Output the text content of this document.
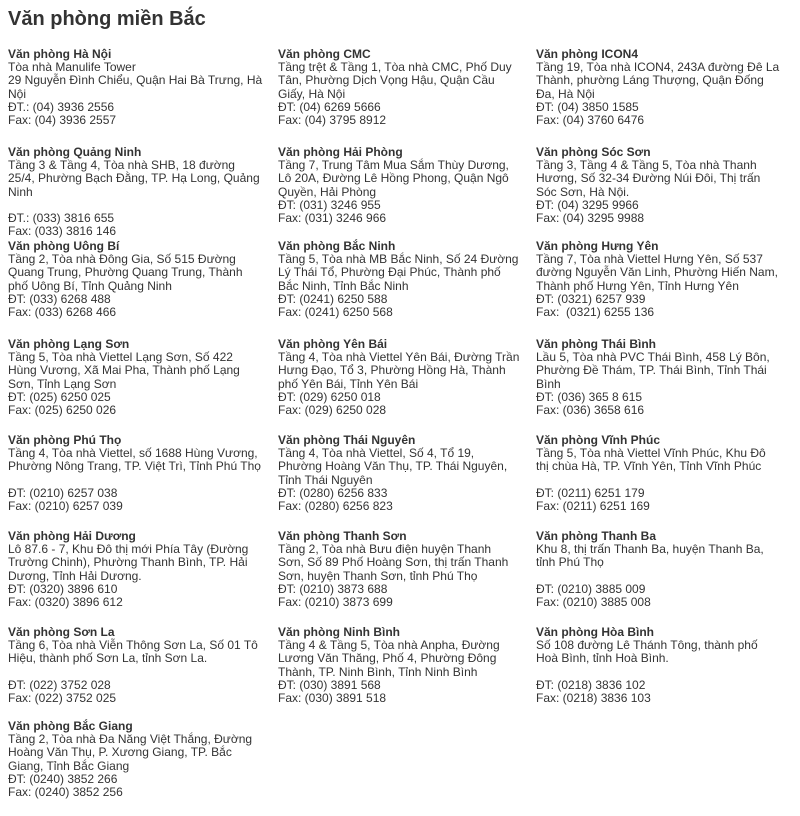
Văn phòng miền Bắc
Văn phòng Hà Nội
Tòa nhà Manulife Tower
29 Nguyễn Đình Chiểu, Quận Hai Bà Trưng, Hà Nội
ĐT.: (04) 3936 2556
Fax: (04) 3936 2557
Văn phòng CMC
Tầng trệt & Tầng 1, Tòa nhà CMC, Phố Duy Tân, Phường Dịch Vọng Hậu, Quận Cầu Giấy, Hà Nội
ĐT: (04) 6269 5666
Fax: (04) 3795 8912
Văn phòng ICON4
Tầng 19, Tòa nhà ICON4, 243A đường Đê La Thành, phường Láng Thượng, Quận Đống Đa, Hà Nội
ĐT: (04) 3850 1585
Fax: (04) 3760 6476
Văn phòng Quảng Ninh
Tầng 3 & Tầng 4, Tòa nhà SHB, 18 đường 25/4, Phường Bạch Đằng, TP. Hạ Long, Quảng Ninh

ĐT.: (033) 3816 655
Fax: (033) 3816 146
Văn phòng Hải Phòng
Tầng 7, Trung Tâm Mua Sắm Thùy Dương, Lô 20A, Đường Lê Hồng Phong, Quận Ngô Quyền, Hải Phòng
ĐT: (031) 3246 955
Fax: (031) 3246 966
Văn phòng Sóc Sơn
Tầng 3, Tầng 4 & Tầng 5, Tòa nhà Thanh Hương, Số 32-34 Đường Núi Đôi, Thị trấn Sóc Sơn, Hà Nội.
ĐT: (04) 3295 9966
Fax: (04) 3295 9988
Văn phòng Uông Bí
Tầng 2, Tòa nhà Đông Gia, Số 515 Đường Quang Trung, Phường Quang Trung, Thành phố Uông Bí, Tỉnh Quảng Ninh
ĐT: (033) 6268 488
Fax: (033) 6268 466
Văn phòng Bắc Ninh
Tầng 5, Tòa nhà MB Bắc Ninh, Số 24 Đường Lý Thái Tổ, Phường Đại Phúc, Thành phố Bắc Ninh, Tỉnh Bắc Ninh
ĐT: (0241) 6250 588
Fax: (0241) 6250 568
Văn phòng Hưng Yên
Tầng 7, Tòa nhà Viettel Hưng Yên, Số 537 đường Nguyễn Văn Linh, Phường Hiến Nam, Thành phố Hưng Yên, Tỉnh Hưng Yên
ĐT: (0321) 6257 939
Fax:  (0321) 6255 136
Văn phòng Lạng Sơn
Tầng 5, Tòa nhà Viettel Lạng Sơn, Số 422 Hùng Vương, Xã Mai Pha, Thành phố Lạng Sơn, Tỉnh Lạng Sơn
ĐT: (025) 6250 025
Fax: (025) 6250 026
Văn phòng Yên Bái
Tầng 4, Tòa nhà Viettel Yên Bái, Đường Trần Hưng Đạo, Tổ 3, Phường Hồng Hà, Thành phố Yên Bái, Tỉnh Yên Bái
ĐT: (029) 6250 018
Fax: (029) 6250 028
Văn phòng Thái Bình
Lầu 5, Tòa nhà PVC Thái Bình, 458 Lý Bôn, Phường Đề Thám, TP. Thái Bình, Tỉnh Thái Bình
ĐT: (036) 365 8 615
Fax: (036) 3658 616
Văn phòng Phú Thọ
Tầng 4, Tòa nhà Viettel, số 1688 Hùng Vương, Phường Nông Trang, TP. Việt Trì, Tỉnh Phú Thọ

ĐT: (0210) 6257 038
Fax: (0210) 6257 039
Văn phòng Thái Nguyên
Tầng 4, Tòa nhà Viettel, Số 4, Tổ 19, Phường Hoàng Văn Thụ, TP. Thái Nguyên, Tỉnh Thái Nguyên
ĐT: (0280) 6256 833
Fax: (0280) 6256 823
Văn phòng Vĩnh Phúc
Tầng 5, Tòa nhà Viettel Vĩnh Phúc, Khu Đô thị chùa Hà, TP. Vĩnh Yên, Tỉnh Vĩnh Phúc

ĐT: (0211) 6251 179
Fax: (0211) 6251 169
Văn phòng Hải Dương
Lô 87.6 - 7, Khu Đô thị mới Phía Tây (Đường Trường Chinh), Phường Thanh Bình, TP. Hải Dương, Tỉnh Hải Dương.
ĐT: (0320) 3896 610
Fax: (0320) 3896 612
Văn phòng Thanh Sơn
Tầng 2, Tòa nhà Bưu điện huyện Thanh Sơn, Số 89 Phố Hoàng Sơn, thị trấn Thanh Sơn, huyện Thanh Sơn, tỉnh Phú Thọ
ĐT: (0210) 3873 688
Fax: (0210) 3873 699
Văn phòng Thanh Ba
Khu 8, thị trấn Thanh Ba, huyện Thanh Ba, tỉnh Phú Thọ

ĐT: (0210) 3885 009
Fax: (0210) 3885 008
Văn phòng Sơn La
Tầng 6, Tòa nhà Viễn Thông Sơn La, Số 01 Tô Hiệu, thành phố Sơn La, tỉnh Sơn La.

ĐT: (022) 3752 028
Fax: (022) 3752 025
Văn phòng Ninh Bình
Tầng 4 & Tầng 5, Tòa nhà Anpha, Đường Lương Văn Thăng, Phố 4, Phường Đông Thành, TP. Ninh Bình, Tỉnh Ninh Bình
ĐT: (030) 3891 568
Fax: (030) 3891 518
Văn phòng Hòa Bình
Số 108 đường Lê Thánh Tông, thành phố Hoà Bình, tỉnh Hoà Bình.

ĐT: (0218) 3836 102
Fax: (0218) 3836 103
Văn phòng Bắc Giang
Tầng 2, Tòa nhà Đa Năng Việt Thắng, Đường Hoàng Văn Thụ, P. Xương Giang, TP. Bắc Giang, Tỉnh Bắc Giang
ĐT: (0240) 3852 266
Fax: (0240) 3852 256
